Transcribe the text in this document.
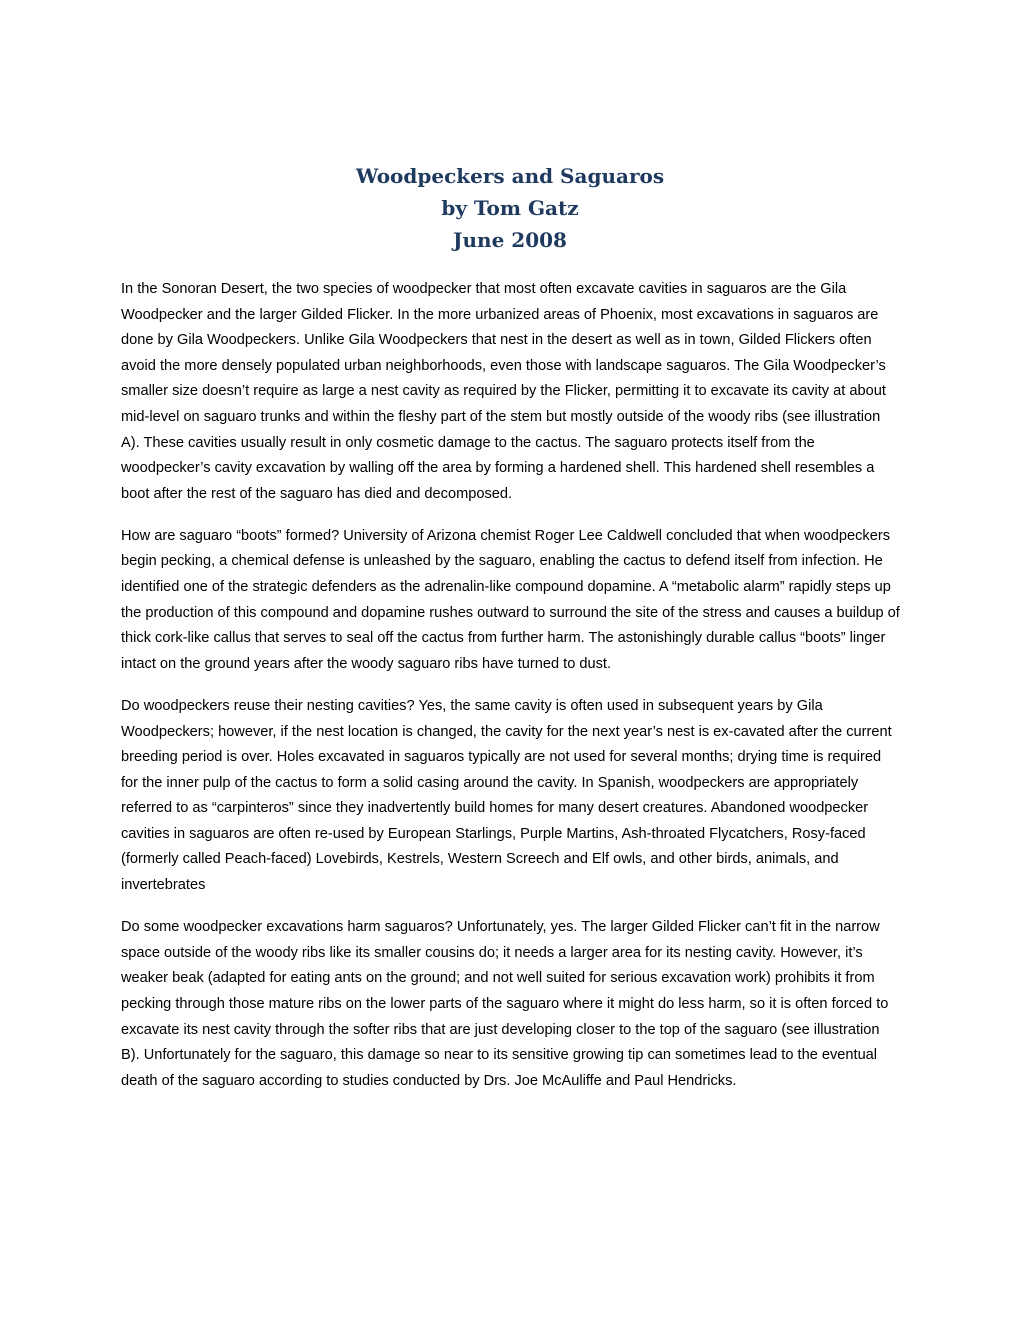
Woodpeckers and Saguaros
by Tom Gatz
June 2008

In the Sonoran Desert, the two species of woodpecker that most often excavate cavities in saguaros are the Gila Woodpecker and the larger Gilded Flicker. In the more urbanized areas of Phoenix, most excavations in saguaros are done by Gila Woodpeckers. Unlike Gila Woodpeckers that nest in the desert as well as in town, Gilded Flickers often avoid the more densely populated urban neighborhoods, even those with landscape saguaros. The Gila Woodpecker’s smaller size doesn’t require as large a nest cavity as required by the Flicker, permitting it to excavate its cavity at about mid-level on saguaro trunks and within the fleshy part of the stem but mostly outside of the woody ribs (see illustration A). These cavities usually result in only cosmetic damage to the cactus. The saguaro protects itself from the woodpecker’s cavity excavation by walling off the area by forming a hardened shell. This hardened shell resembles a boot after the rest of the saguaro has died and decomposed.

How are saguaro “boots” formed? University of Arizona chemist Roger Lee Caldwell concluded that when woodpeckers begin pecking, a chemical defense is unleashed by the saguaro, enabling the cactus to defend itself from infection. He identified one of the strategic defenders as the adrenalin-like compound dopamine. A “metabolic alarm” rapidly steps up the production of this compound and dopamine rushes outward to surround the site of the stress and causes a buildup of thick cork-like callus that serves to seal off the cactus from further harm. The astonishingly durable callus “boots” linger intact on the ground years after the woody saguaro ribs have turned to dust.

Do woodpeckers reuse their nesting cavities? Yes, the same cavity is often used in subsequent years by Gila Woodpeckers; however, if the nest location is changed, the cavity for the next year’s nest is ex-cavated after the current breeding period is over. Holes excavated in saguaros typically are not used for several months; drying time is required for the inner pulp of the cactus to form a solid casing around the cavity. In Spanish, woodpeckers are appropriately referred to as “carpinteros” since they inadvertently build homes for many desert creatures. Abandoned woodpecker cavities in saguaros are often re-used by European Starlings, Purple Martins, Ash-throated Flycatchers, Rosy-faced (formerly called Peach-faced) Lovebirds, Kestrels, Western Screech and Elf owls, and other birds, animals, and invertebrates

Do some woodpecker excavations harm saguaros? Unfortunately, yes. The larger Gilded Flicker can’t fit in the narrow space outside of the woody ribs like its smaller cousins do; it needs a larger area for its nesting cavity. However, it’s weaker beak (adapted for eating ants on the ground; and not well suited for serious excavation work) prohibits it from pecking through those mature ribs on the lower parts of the saguaro where it might do less harm, so it is often forced to excavate its nest cavity through the softer ribs that are just developing closer to the top of the saguaro (see illustration B). Unfortunately for the saguaro, this damage so near to its sensitive growing tip can sometimes lead to the eventual death of the saguaro according to studies conducted by Drs. Joe McAuliffe and Paul Hendricks.
